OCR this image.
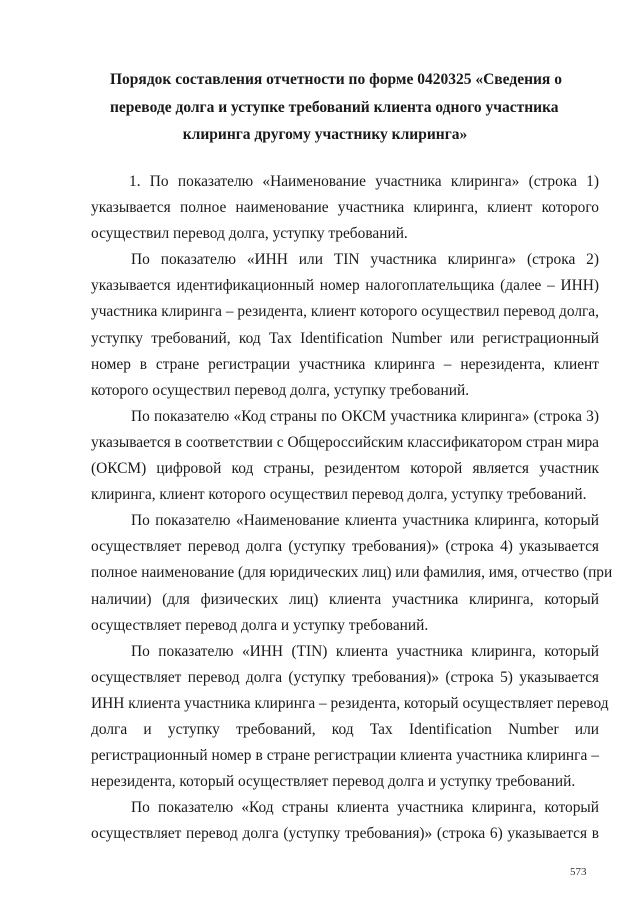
Порядок составления отчетности по форме 0420325 «Сведения о
переводе долга и уступке требований клиента одного участника
клиринга другому участнику клиринга»
1. По показателю «Наименование участника клиринга» (строка 1)
указывается полное наименование участника клиринга, клиент которого
осуществил перевод долга, уступку требований.
По показателю «ИНН или TIN участника клиринга» (строка 2)
указывается идентификационный номер налогоплательщика (далее – ИНН)
участника клиринга – резидента, клиент которого осуществил перевод долга,
уступку требований, код Tax Identification Number или регистрационный
номер в стране регистрации участника клиринга – нерезидента, клиент
которого осуществил перевод долга, уступку требований.
По показателю «Код страны по ОКСМ участника клиринга» (строка 3)
указывается в соответствии с Общероссийским классификатором стран мира
(ОКСМ) цифровой код страны, резидентом которой является участник
клиринга, клиент которого осуществил перевод долга, уступку требований.
По показателю «Наименование клиента участника клиринга, который
осуществляет перевод долга (уступку требования)» (строка 4) указывается
полное наименование (для юридических лиц) или фамилия, имя, отчество (при
наличии) (для физических лиц) клиента участника клиринга, который
осуществляет перевод долга и уступку требований.
По показателю «ИНН (TIN) клиента участника клиринга, который
осуществляет перевод долга (уступку требования)» (строка 5) указывается
ИНН клиента участника клиринга – резидента, который осуществляет перевод
долга и уступку требований, код Tax Identification Number или
регистрационный номер в стране регистрации клиента участника клиринга –
нерезидента, который осуществляет перевод долга и уступку требований.
По показателю «Код страны клиента участника клиринга, который
осуществляет перевод долга (уступку требования)» (строка 6) указывается в
573
